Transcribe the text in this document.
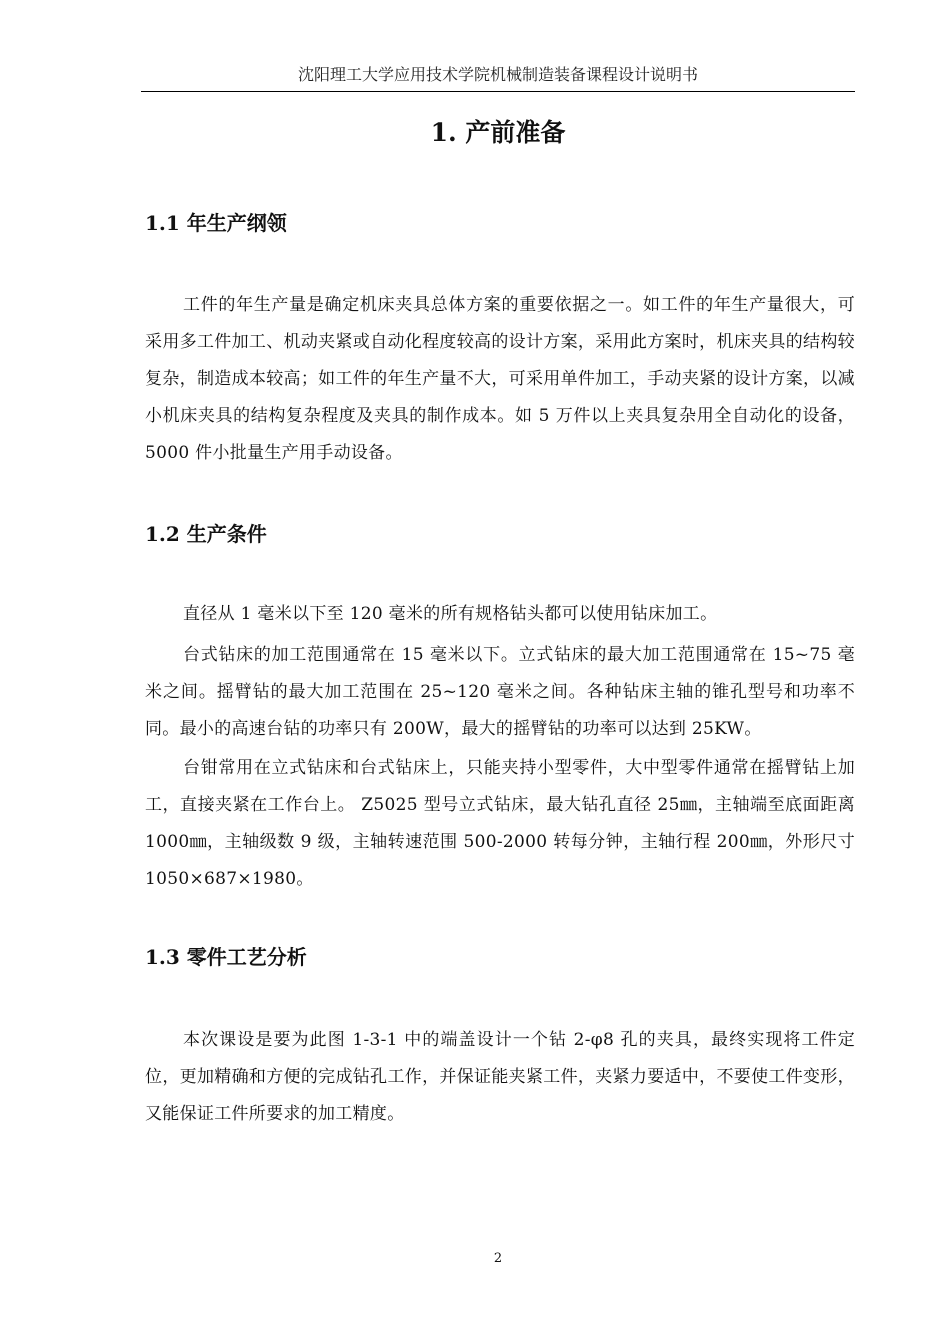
沈阳理工大学应用技术学院机械制造装备课程设计说明书
1. 产前准备
1.1 年生产纲领
工件的年生产量是确定机床夹具总体方案的重要依据之一。如工件的年生产量很大，可采用多工件加工、机动夹紧或自动化程度较高的设计方案，采用此方案时，机床夹具的结构较复杂，制造成本较高；如工件的年生产量不大，可采用单件加工，手动夹紧的设计方案，以减小机床夹具的结构复杂程度及夹具的制作成本。如 5 万件以上夹具复杂用全自动化的设备，5000 件小批量生产用手动设备。
1.2 生产条件
直径从 1 毫米以下至 120 毫米的所有规格钻头都可以使用钻床加工。
台式钻床的加工范围通常在 15 毫米以下。立式钻床的最大加工范围通常在 15~75 毫米之间。摇臂钻的最大加工范围在 25~120 毫米之间。各种钻床主轴的锥孔型号和功率不同。最小的高速台钻的功率只有 200W，最大的摇臂钻的功率可以达到 25KW。
台钳常用在立式钻床和台式钻床上，只能夹持小型零件，大中型零件通常在摇臂钻上加工，直接夹紧在工作台上。 Z5025 型号立式钻床，最大钻孔直径 25㎜，主轴端至底面距离 1000㎜，主轴级数 9 级，主轴转速范围 500-2000 转每分钟，主轴行程 200㎜，外形尺寸 1050×687×1980。
1.3 零件工艺分析
本次课设是要为此图 1-3-1 中的端盖设计一个钻 2-φ8 孔的夹具，最终实现将工件定位，更加精确和方便的完成钻孔工作，并保证能夹紧工件，夹紧力要适中，不要使工件变形，又能保证工件所要求的加工精度。
2
